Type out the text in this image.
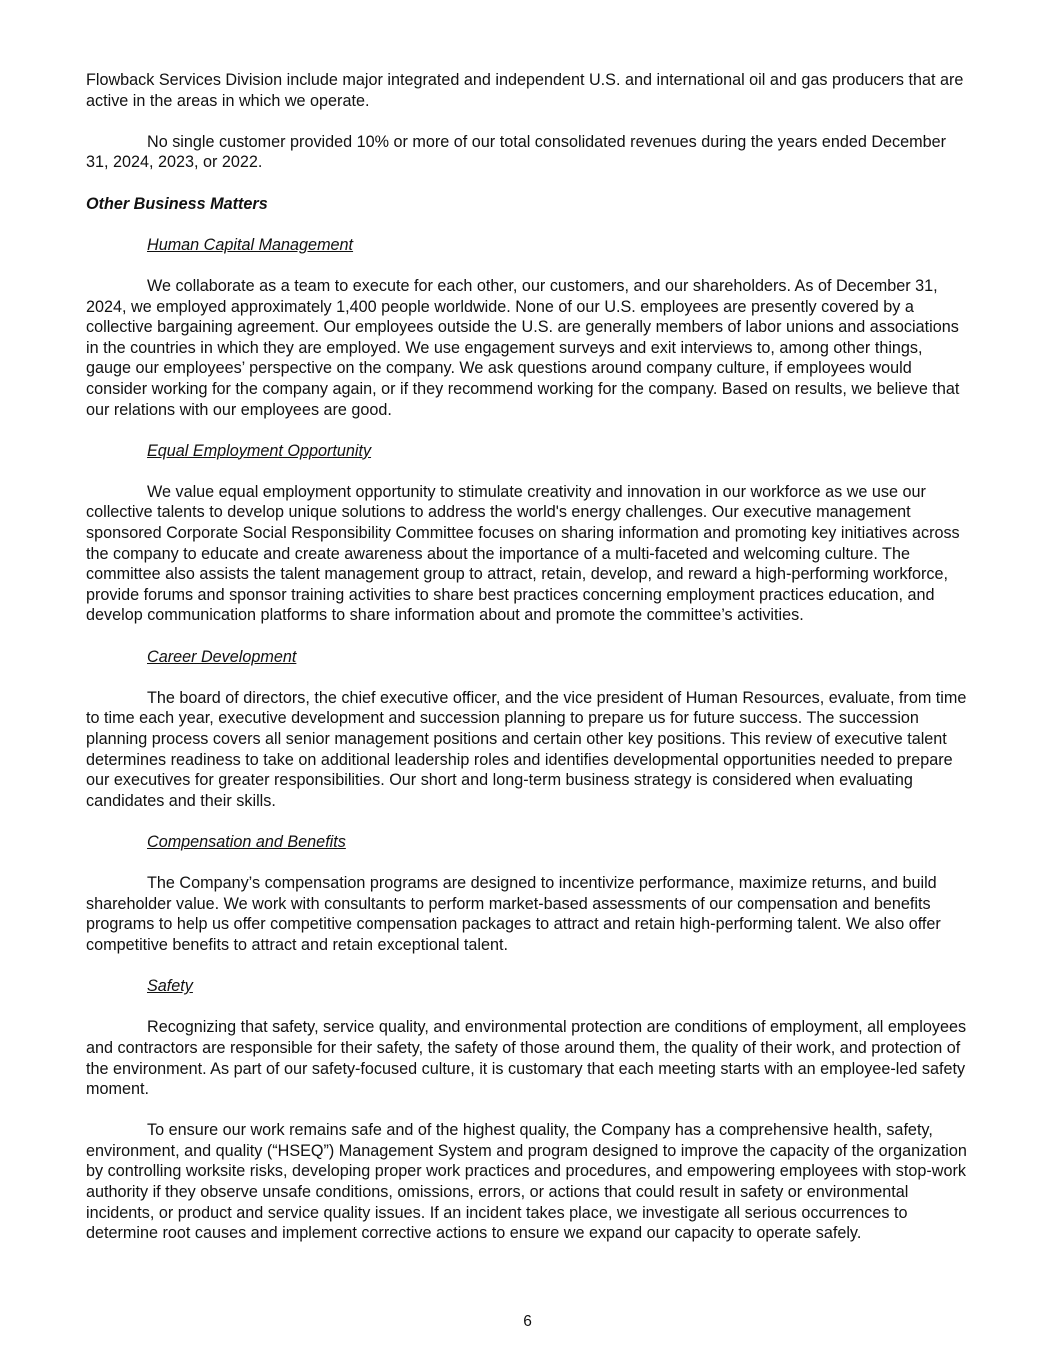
Flowback Services Division include major integrated and independent U.S. and international oil and gas producers that are active in the areas in which we operate.

No single customer provided 10% or more of our total consolidated revenues during the years ended December 31, 2024, 2023, or 2022.

Other Business Matters
Human Capital Management

We collaborate as a team to execute for each other, our customers, and our shareholders. As of December 31, 2024, we employed approximately 1,400 people worldwide. None of our U.S. employees are presently covered by a collective bargaining agreement. Our employees outside the U.S. are generally members of labor unions and associations in the countries in which they are employed. We use engagement surveys and exit interviews to, among other things, gauge our employees’ perspective on the company. We ask questions around company culture, if employees would consider working for the company again, or if they recommend working for the company. Based on results, we believe that our relations with our employees are good.

Equal Employment Opportunity

We value equal employment opportunity to stimulate creativity and innovation in our workforce as we use our collective talents to develop unique solutions to address the world's energy challenges. Our executive management sponsored Corporate Social Responsibility Committee focuses on sharing information and promoting key initiatives across the company to educate and create awareness about the importance of a multi-faceted and welcoming culture. The committee also assists the talent management group to attract, retain, develop, and reward a high-performing workforce, provide forums and sponsor training activities to share best practices concerning employment practices education, and develop communication platforms to share information about and promote the committee’s activities.

Career Development

The board of directors, the chief executive officer, and the vice president of Human Resources, evaluate, from time to time each year, executive development and succession planning to prepare us for future success. The succession planning process covers all senior management positions and certain other key positions. This review of executive talent determines readiness to take on additional leadership roles and identifies developmental opportunities needed to prepare our executives for greater responsibilities. Our short and long-term business strategy is considered when evaluating candidates and their skills.

Compensation and Benefits

The Company’s compensation programs are designed to incentivize performance, maximize returns, and build shareholder value. We work with consultants to perform market-based assessments of our compensation and benefits programs to help us offer competitive compensation packages to attract and retain high-performing talent. We also offer competitive benefits to attract and retain exceptional talent.

Safety

Recognizing that safety, service quality, and environmental protection are conditions of employment, all employees and contractors are responsible for their safety, the safety of those around them, the quality of their work, and protection of the environment. As part of our safety-focused culture, it is customary that each meeting starts with an employee-led safety moment.

To ensure our work remains safe and of the highest quality, the Company has a comprehensive health, safety, environment, and quality (“HSEQ”) Management System and program designed to improve the capacity of the organization by controlling worksite risks, developing proper work practices and procedures, and empowering employees with stop-work authority if they observe unsafe conditions, omissions, errors, or actions that could result in safety or environmental incidents, or product and service quality issues. If an incident takes place, we investigate all serious occurrences to determine root causes and implement corrective actions to ensure we expand our capacity to operate safely.

6
